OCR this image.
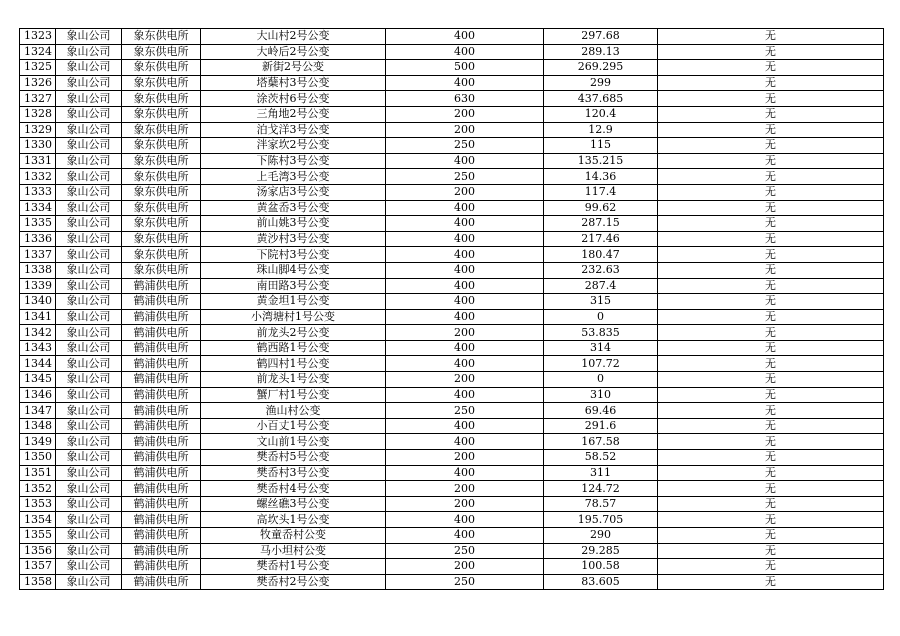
1323	象山公司	象东供电所	大山村2号公变	400	297.68	无
1324	象山公司	象东供电所	大岭后2号公变	400	289.13	无
1325	象山公司	象东供电所	新街2号公变	500	269.295	无
1326	象山公司	象东供电所	塔蘖村3号公变	400	299	无
1327	象山公司	象东供电所	涂茨村6号公变	630	437.685	无
1328	象山公司	象东供电所	三角地2号公变	200	120.4	无
1329	象山公司	象东供电所	泊戈洋3号公变	200	12.9	无
1330	象山公司	象东供电所	泮家坎2号公变	250	115	无
1331	象山公司	象东供电所	下陈村3号公变	400	135.215	无
1332	象山公司	象东供电所	上毛湾3号公变	250	14.36	无
1333	象山公司	象东供电所	汤家店3号公变	200	117.4	无
1334	象山公司	象东供电所	黄盆岙3号公变	400	99.62	无
1335	象山公司	象东供电所	前山姚3号公变	400	287.15	无
1336	象山公司	象东供电所	黄沙村3号公变	400	217.46	无
1337	象山公司	象东供电所	下院村3号公变	400	180.47	无
1338	象山公司	象东供电所	珠山脚4号公变	400	232.63	无
1339	象山公司	鹤浦供电所	南田路3号公变	400	287.4	无
1340	象山公司	鹤浦供电所	黄金坦1号公变	400	315	无
1341	象山公司	鹤浦供电所	小湾塘村1号公变	400	0	无
1342	象山公司	鹤浦供电所	前龙头2号公变	200	53.835	无
1343	象山公司	鹤浦供电所	鹤西路1号公变	400	314	无
1344	象山公司	鹤浦供电所	鹤四村1号公变	400	107.72	无
1345	象山公司	鹤浦供电所	前龙头1号公变	200	0	无
1346	象山公司	鹤浦供电所	蟹厂村1号公变	400	310	无
1347	象山公司	鹤浦供电所	渔山村公变	250	69.46	无
1348	象山公司	鹤浦供电所	小百丈1号公变	400	291.6	无
1349	象山公司	鹤浦供电所	文山前1号公变	400	167.58	无
1350	象山公司	鹤浦供电所	樊岙村5号公变	200	58.52	无
1351	象山公司	鹤浦供电所	樊岙村3号公变	400	311	无
1352	象山公司	鹤浦供电所	樊岙村4号公变	200	124.72	无
1353	象山公司	鹤浦供电所	螺丝礁3号公变	200	78.57	无
1354	象山公司	鹤浦供电所	高坎头1号公变	400	195.705	无
1355	象山公司	鹤浦供电所	牧童岙村公变	400	290	无
1356	象山公司	鹤浦供电所	马小坦村公变	250	29.285	无
1357	象山公司	鹤浦供电所	樊岙村1号公变	200	100.58	无
1358	象山公司	鹤浦供电所	樊岙村2号公变	250	83.605	无
